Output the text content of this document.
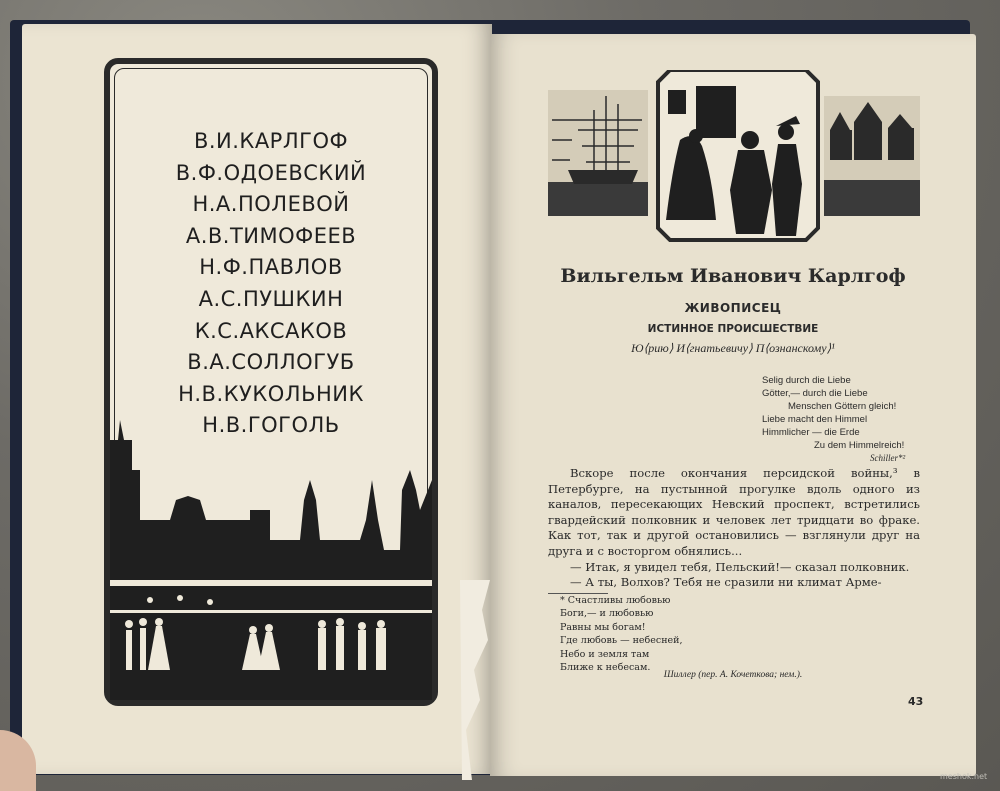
В.И.КАРЛГОФ
В.Ф.ОДОЕВСКИЙ
Н.А.ПОЛЕВОЙ
А.В.ТИМОФЕЕВ
Н.Ф.ПАВЛОВ
А.С.ПУШКИН
К.С.АКСАКОВ
В.А.СОЛЛОГУБ
Н.В.КУКОЛЬНИК
Н.В.ГОГОЛЬ
Вильгельм Иванович Карлгоф
ЖИВОПИСЕЦ
ИСТИННОЕ ПРОИСШЕСТВИЕ
Ю⟨рию⟩ И⟨гнатьевичу⟩ П⟨ознанскому⟩¹
Selig durch die Liebe
Götter,— durch die Liebe
Menschen Göttern gleich!
Liebe macht den Himmel
Himmlicher — die Erde
Zu dem Himmelreich!
Schiller*²

Вскоре после окончания персидской войны,³ в Петербурге, на пустынной прогулке вдоль одного из каналов, пересекающих Невский проспект, встретились гвардейский полковник и человек лет тридцати во фраке. Как тот, так и другой остановились — взглянули друг на друга и с восторгом обнялись...

— Итак, я увидел тебя, Пельский!— сказал полковник.

— А ты, Волхов? Тебя не сразили ни климат Арме-

* Счастливы любовью
Боги,— и любовью
Равны мы богам!
Где любовь — небесней,
Небо и земля там
Ближе к небесам.
Шиллер (пер. А. Кочеткова; нем.).
43
meshok.net
